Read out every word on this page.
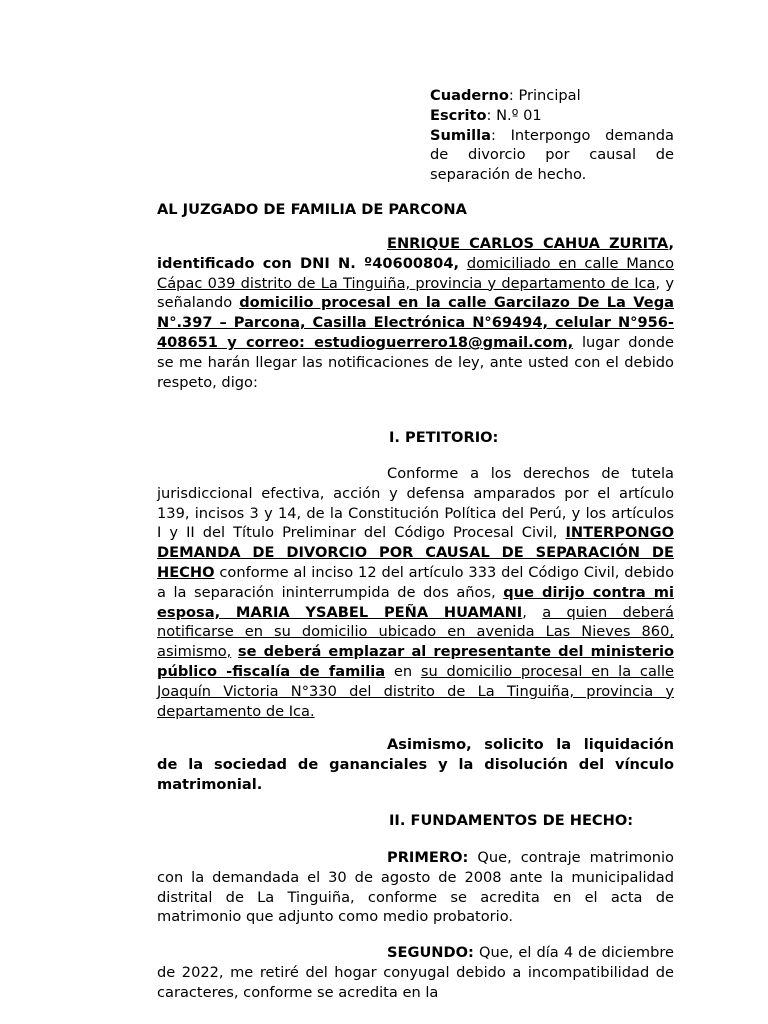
Cuaderno: Principal

Escrito: N.º 01

Sumilla: Interpongo demanda de divorcio por causal de separación de hecho.

AL JUZGADO DE FAMILIA DE PARCONA

ENRIQUE CARLOS CAHUA ZURITA, identificado con DNI N. º40600804, domiciliado en calle Manco Cápac 039 distrito de La Tinguiña, provincia y departamento de Ica, y señalando domicilio procesal en la calle Garcilazo De La Vega N°.397 – Parcona, Casilla Electrónica N°69494, celular N°956-408651 y correo: estudioguerrero18@gmail.com, lugar donde se me harán llegar las notificaciones de ley, ante usted con el debido respeto, digo:

I. PETITORIO:

Conforme a los derechos de tutela jurisdiccional efectiva, acción y defensa amparados por el artículo 139, incisos 3 y 14, de la Constitución Política del Perú, y los artículos I y II del Título Preliminar del Código Procesal Civil, INTERPONGO DEMANDA DE DIVORCIO POR CAUSAL DE SEPARACIÓN DE HECHO conforme al inciso 12 del artículo 333 del Código Civil, debido a la separación ininterrumpida de dos años, que dirijo contra mi esposa, MARIA YSABEL PEÑA HUAMANI, a quien deberá notificarse en su domicilio ubicado en avenida Las Nieves 860, asimismo, se deberá emplazar al representante del ministerio público -fiscalía de familia en su domicilio procesal en la calle Joaquín Victoria N°330 del distrito de La Tinguiña, provincia y departamento de Ica.

Asimismo, solicito la liquidación de la sociedad de gananciales y la disolución del vínculo matrimonial.

II. FUNDAMENTOS DE HECHO:

PRIMERO: Que, contraje matrimonio con la demandada el 30 de agosto de 2008 ante la municipalidad distrital de La Tinguiña, conforme se acredita en el acta de matrimonio que adjunto como medio probatorio.

SEGUNDO: Que, el día 4 de diciembre de 2022, me retiré del hogar conyugal debido a incompatibilidad de caracteres, conforme se acredita en la
